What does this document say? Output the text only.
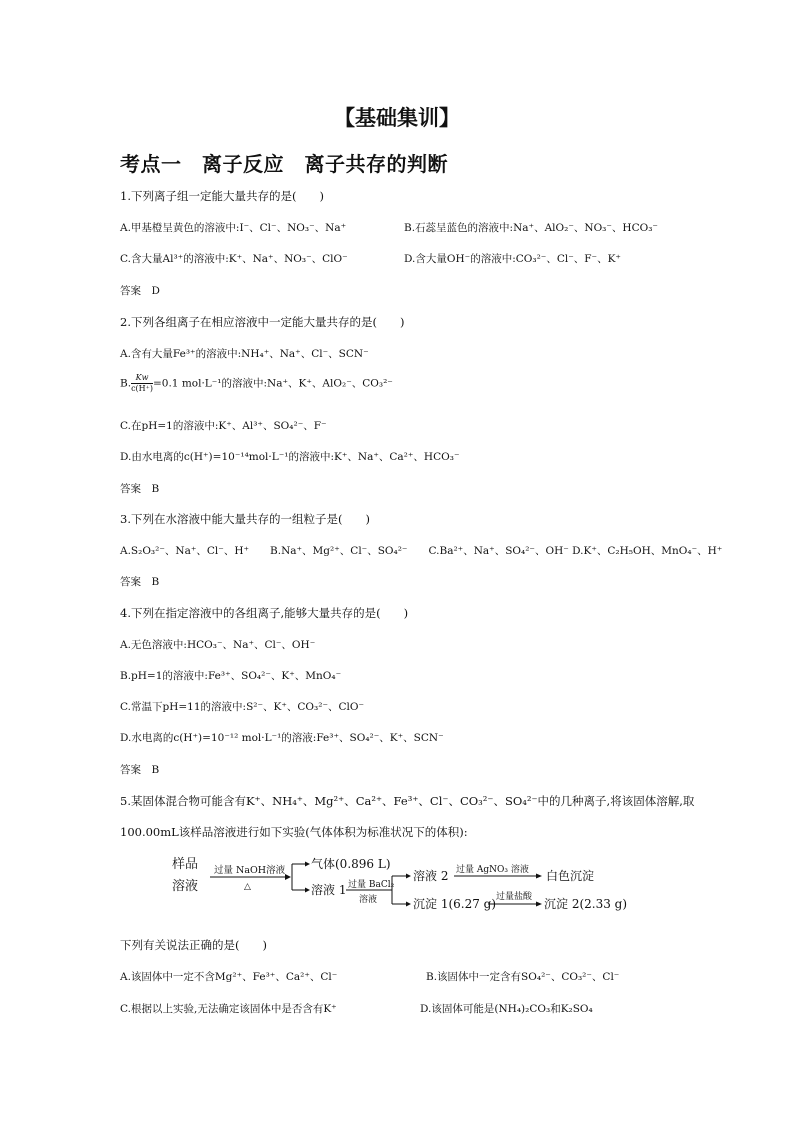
【基础集训】
考点一　离子反应　离子共存的判断
1.下列离子组一定能大量共存的是(　　)
A.甲基橙呈黄色的溶液中:I⁻、Cl⁻、NO₃⁻、Na⁺	B.石蕊呈蓝色的溶液中:Na⁺、AlO₂⁻、NO₃⁻、HCO₃⁻
C.含大量Al³⁺的溶液中:K⁺、Na⁺、NO₃⁻、ClO⁻	D.含大量OH⁻的溶液中:CO₃²⁻、Cl⁻、F⁻、K⁺
答案　D
2.下列各组离子在相应溶液中一定能大量共存的是(　　)
A.含有大量Fe³⁺的溶液中:NH₄⁺、Na⁺、Cl⁻、SCN⁻
B. $\frac{Kw}{c(H^+)} =0.1$ mol·L⁻¹的溶液中:Na⁺、K⁺、AlO₂⁻、CO₃²⁻
C.在pH=1的溶液中:K⁺、Al³⁺、SO₄²⁻、F⁻
D.由水电离的c(H⁺)=10⁻¹⁴mol·L⁻¹的溶液中:K⁺、Na⁺、Ca²⁺、HCO₃⁻
答案　B
3.下列在水溶液中能大量共存的一组粒子是(　　)
A.S₂O₃²⁻、Na⁺、Cl⁻、H⁺　　B.Na⁺、Mg²⁺、Cl⁻、SO₄²⁻　　C.Ba²⁺、Na⁺、SO₄²⁻、OH⁻ D.K⁺、C₂H₅OH、MnO₄⁻、H⁺
答案　B
4.下列在指定溶液中的各组离子,能够大量共存的是(　　)
A.无色溶液中:HCO₃⁻、Na⁺、Cl⁻、OH⁻
B.pH=1的溶液中:Fe³⁺、SO₄²⁻、K⁺、MnO₄⁻
C.常温下pH=11的溶液中:S²⁻、K⁺、CO₃²⁻、ClO⁻
D.水电离的c(H⁺)=10⁻¹² mol·L⁻¹的溶液:Fe³⁺、SO₄²⁻、K⁺、SCN⁻
答案　B
5.某固体混合物可能含有K⁺、NH₄⁺、Mg²⁺、Ca²⁺、Fe³⁺、Cl⁻、CO₃²⁻、SO₄²⁻中的几种离子,将该固体溶解,取
100.00mL该样品溶液进行如下实验(气体体积为标准状况下的体积):
样品
溶液
过量 NaOH溶液
△
气体(0.896 L)
溶液 1 过量 BaCl₂
溶液
溶液 2 过量 AgNO₃ 溶液 白色沉淀
沉淀 1(6.27 g) 过量盐酸 沉淀 2(2.33 g)
下列有关说法正确的是(　　)
A.该固体中一定不含Mg²⁺、Fe³⁺、Ca²⁺、Cl⁻	B.该固体中一定含有SO₄²⁻、CO₃²⁻、Cl⁻
C.根据以上实验,无法确定该固体中是否含有K⁺	D.该固体可能是(NH₄)₂CO₃和K₂SO₄
